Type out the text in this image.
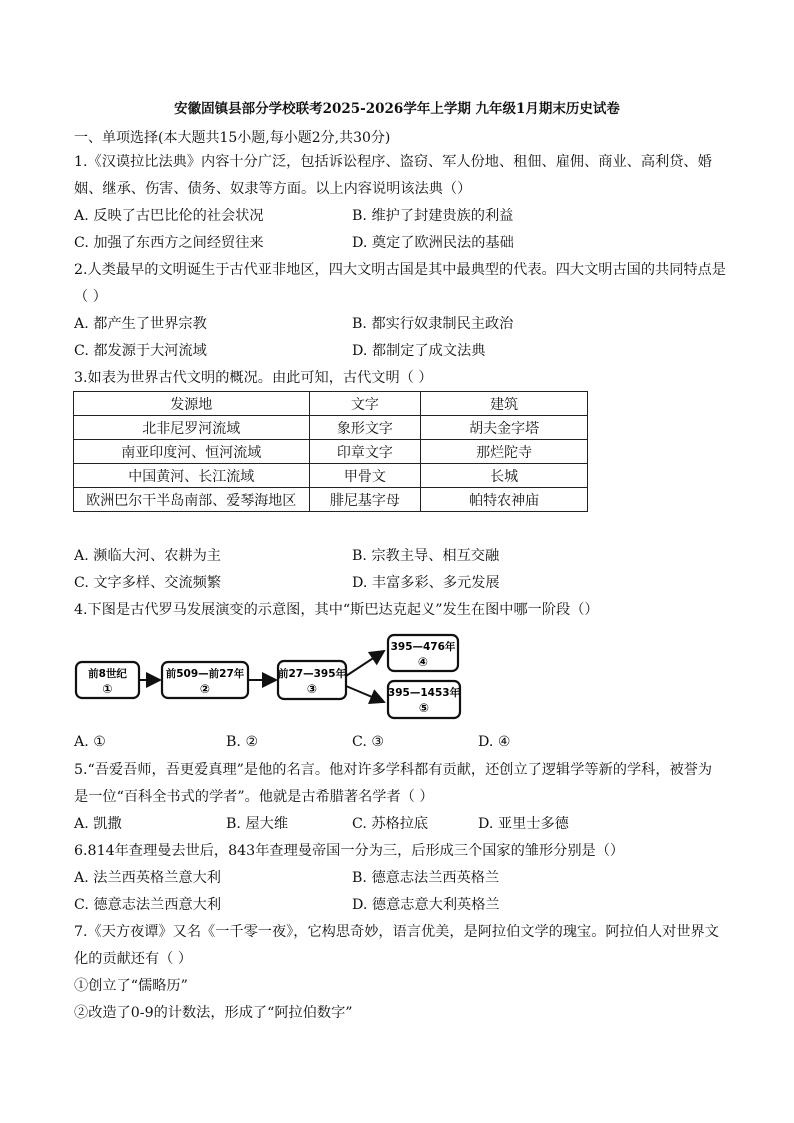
安徽固镇县部分学校联考2025-2026学年上学期 九年级1月期末历史试卷
一、单项选择(本大题共15小题,每小题2分,共30分)
1.《汉谟拉比法典》内容十分广泛，包括诉讼程序、盗窃、军人份地、租佃、雇佣、商业、高利贷、婚
姻、继承、伤害、债务、奴隶等方面。以上内容说明该法典（）
A. 反映了古巴比伦的社会状况	B. 维护了封建贵族的利益
C. 加强了东西方之间经贸往来	D. 奠定了欧洲民法的基础
2.人类最早的文明诞生于古代亚非地区，四大文明古国是其中最典型的代表。四大文明古国的共同特点是
（ ）
A. 都产生了世界宗教	B. 都实行奴隶制民主政治
C. 都发源于大河流域	D. 都制定了成文法典
3.如表为世界古代文明的概况。由此可知，古代文明（ ）
发源地	文字	建筑
北非尼罗河流域	象形文字	胡夫金字塔
南亚印度河、恒河流域	印章文字	那烂陀寺
中国黄河、长江流域	甲骨文	长城
欧洲巴尔干半岛南部、爱琴海地区	腓尼基字母	帕特农神庙
A. 濒临大河、农耕为主	B. 宗教主导、相互交融
C. 文字多样、交流频繁	D. 丰富多彩、多元发展
4.下图是古代罗马发展演变的示意图，其中“斯巴达克起义”发生在图中哪一阶段（）
前8世纪
①
前509—前27年
②
前27—395年
③
395—476年
④
395—1453年
⑤
A. ①	B. ②	C. ③	D. ④
5.“吾爱吾师，吾更爱真理”是他的名言。他对许多学科都有贡献，还创立了逻辑学等新的学科，被誉为
是一位“百科全书式的学者”。他就是古希腊著名学者（ ）
A. 凯撒	B. 屋大维	C. 苏格拉底	D. 亚里士多德
6.814年查理曼去世后，843年查理曼帝国一分为三，后形成三个国家的雏形分别是（）
A. 法兰西英格兰意大利	B. 德意志法兰西英格兰
C. 德意志法兰西意大利	D. 德意志意大利英格兰
7.《天方夜谭》又名《一千零一夜》，它构思奇妙，语言优美，是阿拉伯文学的瑰宝。阿拉伯人对世界文
化的贡献还有（ ）
①创立了“儒略历”
②改造了0-9的计数法，形成了“阿拉伯数字”
